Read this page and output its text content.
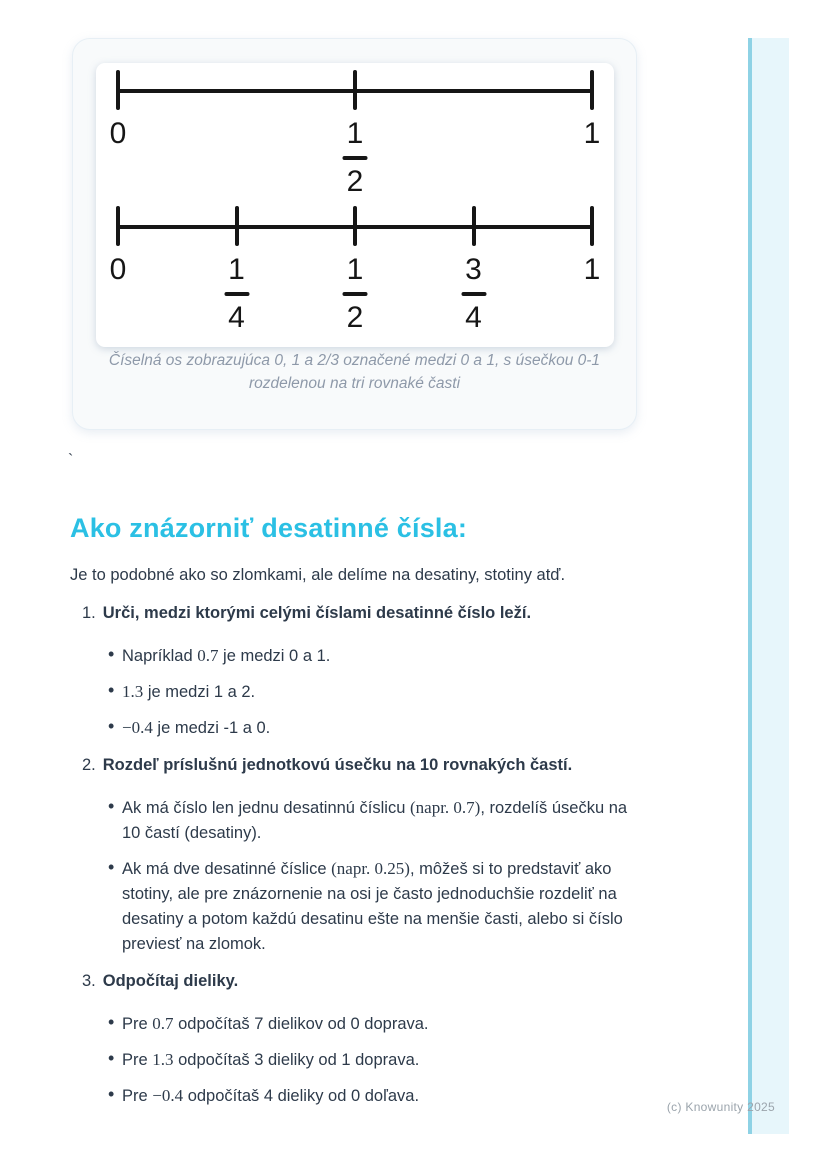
0	1
2
1
0	1
4
1
2
3
4
1
Číselná os zobrazujúca 0, 1 a 2/3 označené medzi 0 a 1, s úsečkou 0-1
rozdelenou na tri rovnaké časti
`
Ako znázorniť desatinné čísla:

Je to podobné ako so zlomkami, ale delíme na desatiny, stotiny atď.

1. Urči, medzi ktorými celými číslami desatinné číslo leží.
• Napríklad 0.7 je medzi 0 a 1.
• 1.3 je medzi 1 a 2.
• −0.4 je medzi -1 a 0.
2. Rozdeľ príslušnú jednotkovú úsečku na 10 rovnakých častí.
• Ak má číslo len jednu desatinnú číslicu (napr. 0.7), rozdelíš úsečku na 10 častí (desatiny).
• Ak má dve desatinné číslice (napr. 0.25), môžeš si to predstaviť ako stotiny, ale pre znázornenie na osi je často jednoduchšie rozdeliť na desatiny a potom každú desatinu ešte na menšie časti, alebo si číslo previesť na zlomok.
3. Odpočítaj dieliky.
• Pre 0.7 odpočítaš 7 dielikov od 0 doprava.
• Pre 1.3 odpočítaš 3 dieliky od 1 doprava.
• Pre −0.4 odpočítaš 4 dieliky od 0 doľava.
(c) Knowunity 2025
